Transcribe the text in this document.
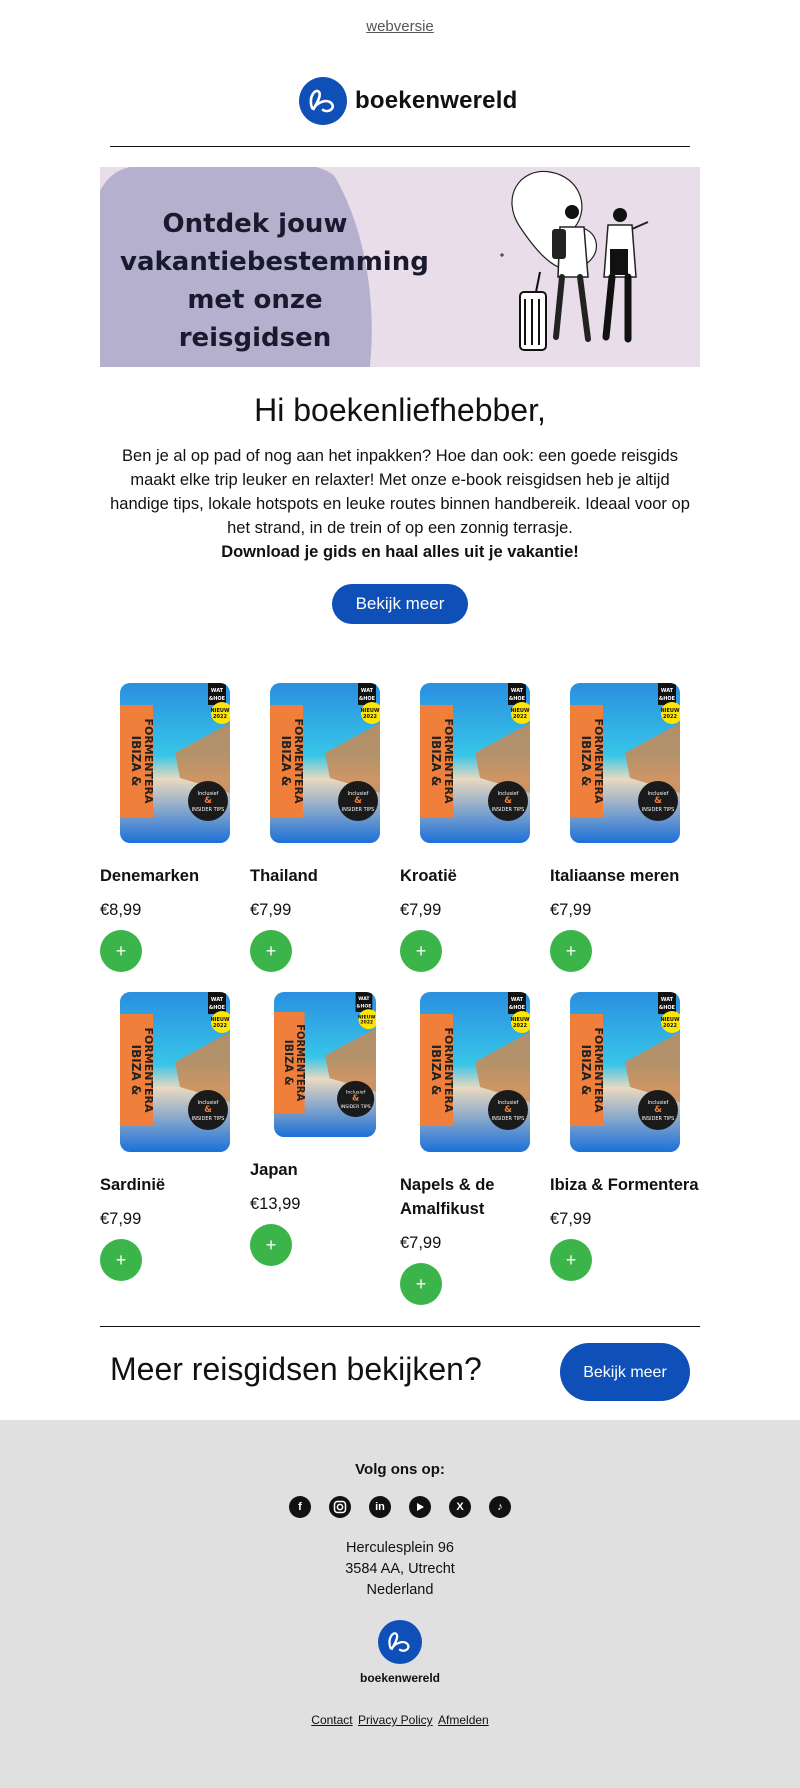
webversie
boekenwereld
Ontdek jouw vakantiebestemming met onze reisgidsen
Hi boekenliefhebber,
Ben je al op pad of nog aan het inpakken? Hoe dan ook: een goede reisgids maakt elke trip leuker en relaxter! Met onze e-book reisgidsen heb je altijd handige tips, lokale hotspots en leuke routes binnen handbereik. Ideaal voor op het strand, in de trein of op een zonnig terrasje.
Download je gids en haal alles uit je vakantie!
Bekijk meer
WAT
&HOE
NIEUW
2022
Inclusief
&
INSIDER TIPS
IBIZA & FORMENTERA
Denemarken
€8,99
+
WAT
&HOE
NIEUW
2022
Inclusief
&
INSIDER TIPS
IBIZA & FORMENTERA
Thailand
€7,99
+
WAT
&HOE
NIEUW
2022
Inclusief
&
INSIDER TIPS
IBIZA & FORMENTERA
Kroatië
€7,99
+
WAT
&HOE
NIEUW
2022
Inclusief
&
INSIDER TIPS
IBIZA & FORMENTERA
Italiaanse meren
€7,99
+
WAT
&HOE
NIEUW
2022
Inclusief
&
INSIDER TIPS
IBIZA & FORMENTERA
Sardinië
€7,99
+
WAT
&HOE
NIEUW
2022
Inclusief
&
INSIDER TIPS
IBIZA &
FORMENTERA
Japan
€13,99
+
WAT
&HOE
NIEUW
2022
Inclusief
&
INSIDER TIPS
IBIZA & FORMENTERA
Napels & de Amalfikust
€7,99
+
WAT
&HOE
NIEUW
2022
Inclusief
&
INSIDER TIPS
IBIZA & FORMENTERA
Ibiza & Formentera
€7,99
+
Meer reisgidsen bekijken?	Bekijk meer
Volg ons op:
f	in	X	♪
Herculesplein 96
3584 AA, Utrecht
Nederland
boekenwereld
Contact Privacy Policy Afmelden
